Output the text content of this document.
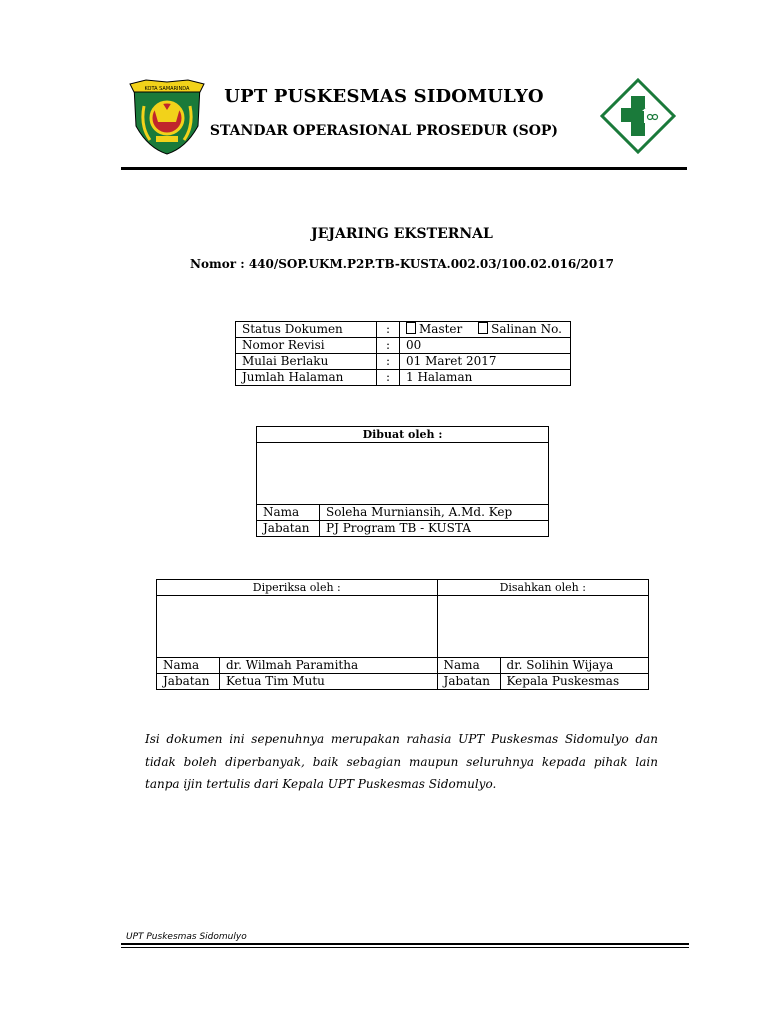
KOTA SAMARINDA	UPT PUSKESMAS SIDOMULYO
STANDAR OPERASIONAL PROSEDUR (SOP)
JEJARING EKSTERNAL
Nomor : 440/SOP.UKM.P2P.TB-KUSTA.002.03/100.02.016/2017
Status Dokumen	:	Master Salinan No.
Nomor Revisi	:	00
Mulai Berlaku	:	01 Maret 2017
Jumlah Halaman	:	1 Halaman
Dibuat oleh :	

Nama	Soleha Murniansih, A.Md. Kep
Jabatan	PJ Program TB - KUSTA
Diperiksa oleh :		Disahkan oleh :	

Nama	dr. Wilmah Paramitha	Nama	dr. Solihin Wijaya
Jabatan	Ketua Tim Mutu	Jabatan	Kepala Puskesmas
Isi dokumen ini sepenuhnya merupakan rahasia UPT Puskesmas Sidomulyo dan tidak boleh diperbanyak, baik sebagian maupun seluruhnya kepada pihak lain tanpa ijin tertulis dari Kepala UPT Puskesmas Sidomulyo.
UPT Puskesmas Sidomulyo
